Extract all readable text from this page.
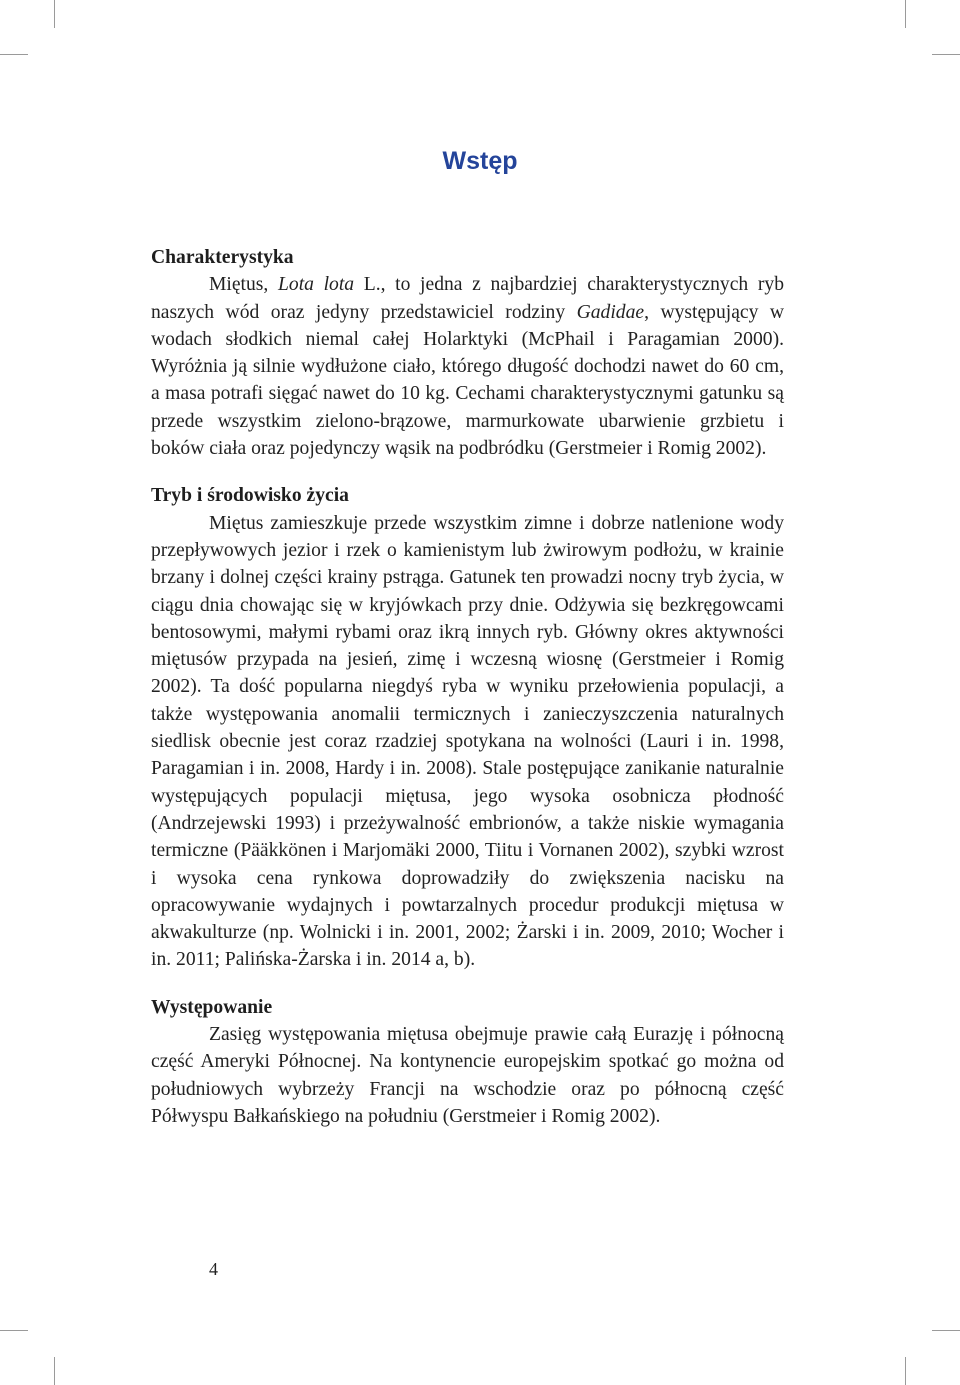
Wstęp
Charakterystyka

Miętus, Lota lota L., to jedna z najbardziej charakterystycznych ryb naszych wód oraz jedyny przedstawiciel rodziny Gadidae, występujący w wodach słodkich niemal całej Holarktyki (McPhail i Paragamian 2000). Wyróżnia ją silnie wydłużone ciało, którego długość dochodzi nawet do 60 cm, a masa potrafi sięgać nawet do 10 kg. Cechami charakterystycznymi gatunku są przede wszystkim zielono-brązowe, marmurkowate ubarwienie grzbietu i boków ciała oraz pojedynczy wąsik na podbródku (Gerstmeier i Romig 2002).

Tryb i środowisko życia

Miętus zamieszkuje przede wszystkim zimne i dobrze natlenione wody przepływowych jezior i rzek o kamienistym lub żwirowym podłożu, w krainie brzany i dolnej części krainy pstrąga. Gatunek ten prowadzi nocny tryb życia, w ciągu dnia chowając się w kryjówkach przy dnie. Odżywia się bezkręgowcami bentosowymi, małymi rybami oraz ikrą innych ryb. Główny okres aktywności miętusów przypada na jesień, zimę i wczesną wiosnę (Gerstmeier i Romig 2002). Ta dość popularna niegdyś ryba w wyniku przełowienia populacji, a także występowania anomalii termicznych i zanieczyszczenia naturalnych siedlisk obecnie jest coraz rzadziej spotykana na wolności (Lauri i in. 1998, Paragamian i in. 2008, Hardy i in. 2008). Stale postępujące zanikanie naturalnie występujących populacji miętusa, jego wysoka osobnicza płodność (Andrzejewski 1993) i przeżywalność embrionów, a także niskie wymagania termiczne (Pääkkönen i Marjomäki 2000, Tiitu i Vornanen 2002), szybki wzrost i wysoka cena rynkowa doprowadziły do zwiększenia nacisku na opracowywanie wydajnych i powtarzalnych procedur produkcji miętusa w akwakulturze (np. Wolnicki i in. 2001, 2002; Żarski i in. 2009, 2010; Wocher i in. 2011; Palińska-Żarska i in. 2014 a, b).

Występowanie

Zasięg występowania miętusa obejmuje prawie całą Eurazję i północną część Ameryki Północnej. Na kontynencie europejskim spotkać go można od południowych wybrzeży Francji na wschodzie oraz po północną część Półwyspu Bałkańskiego na południu (Gerstmeier i Romig 2002).

4
